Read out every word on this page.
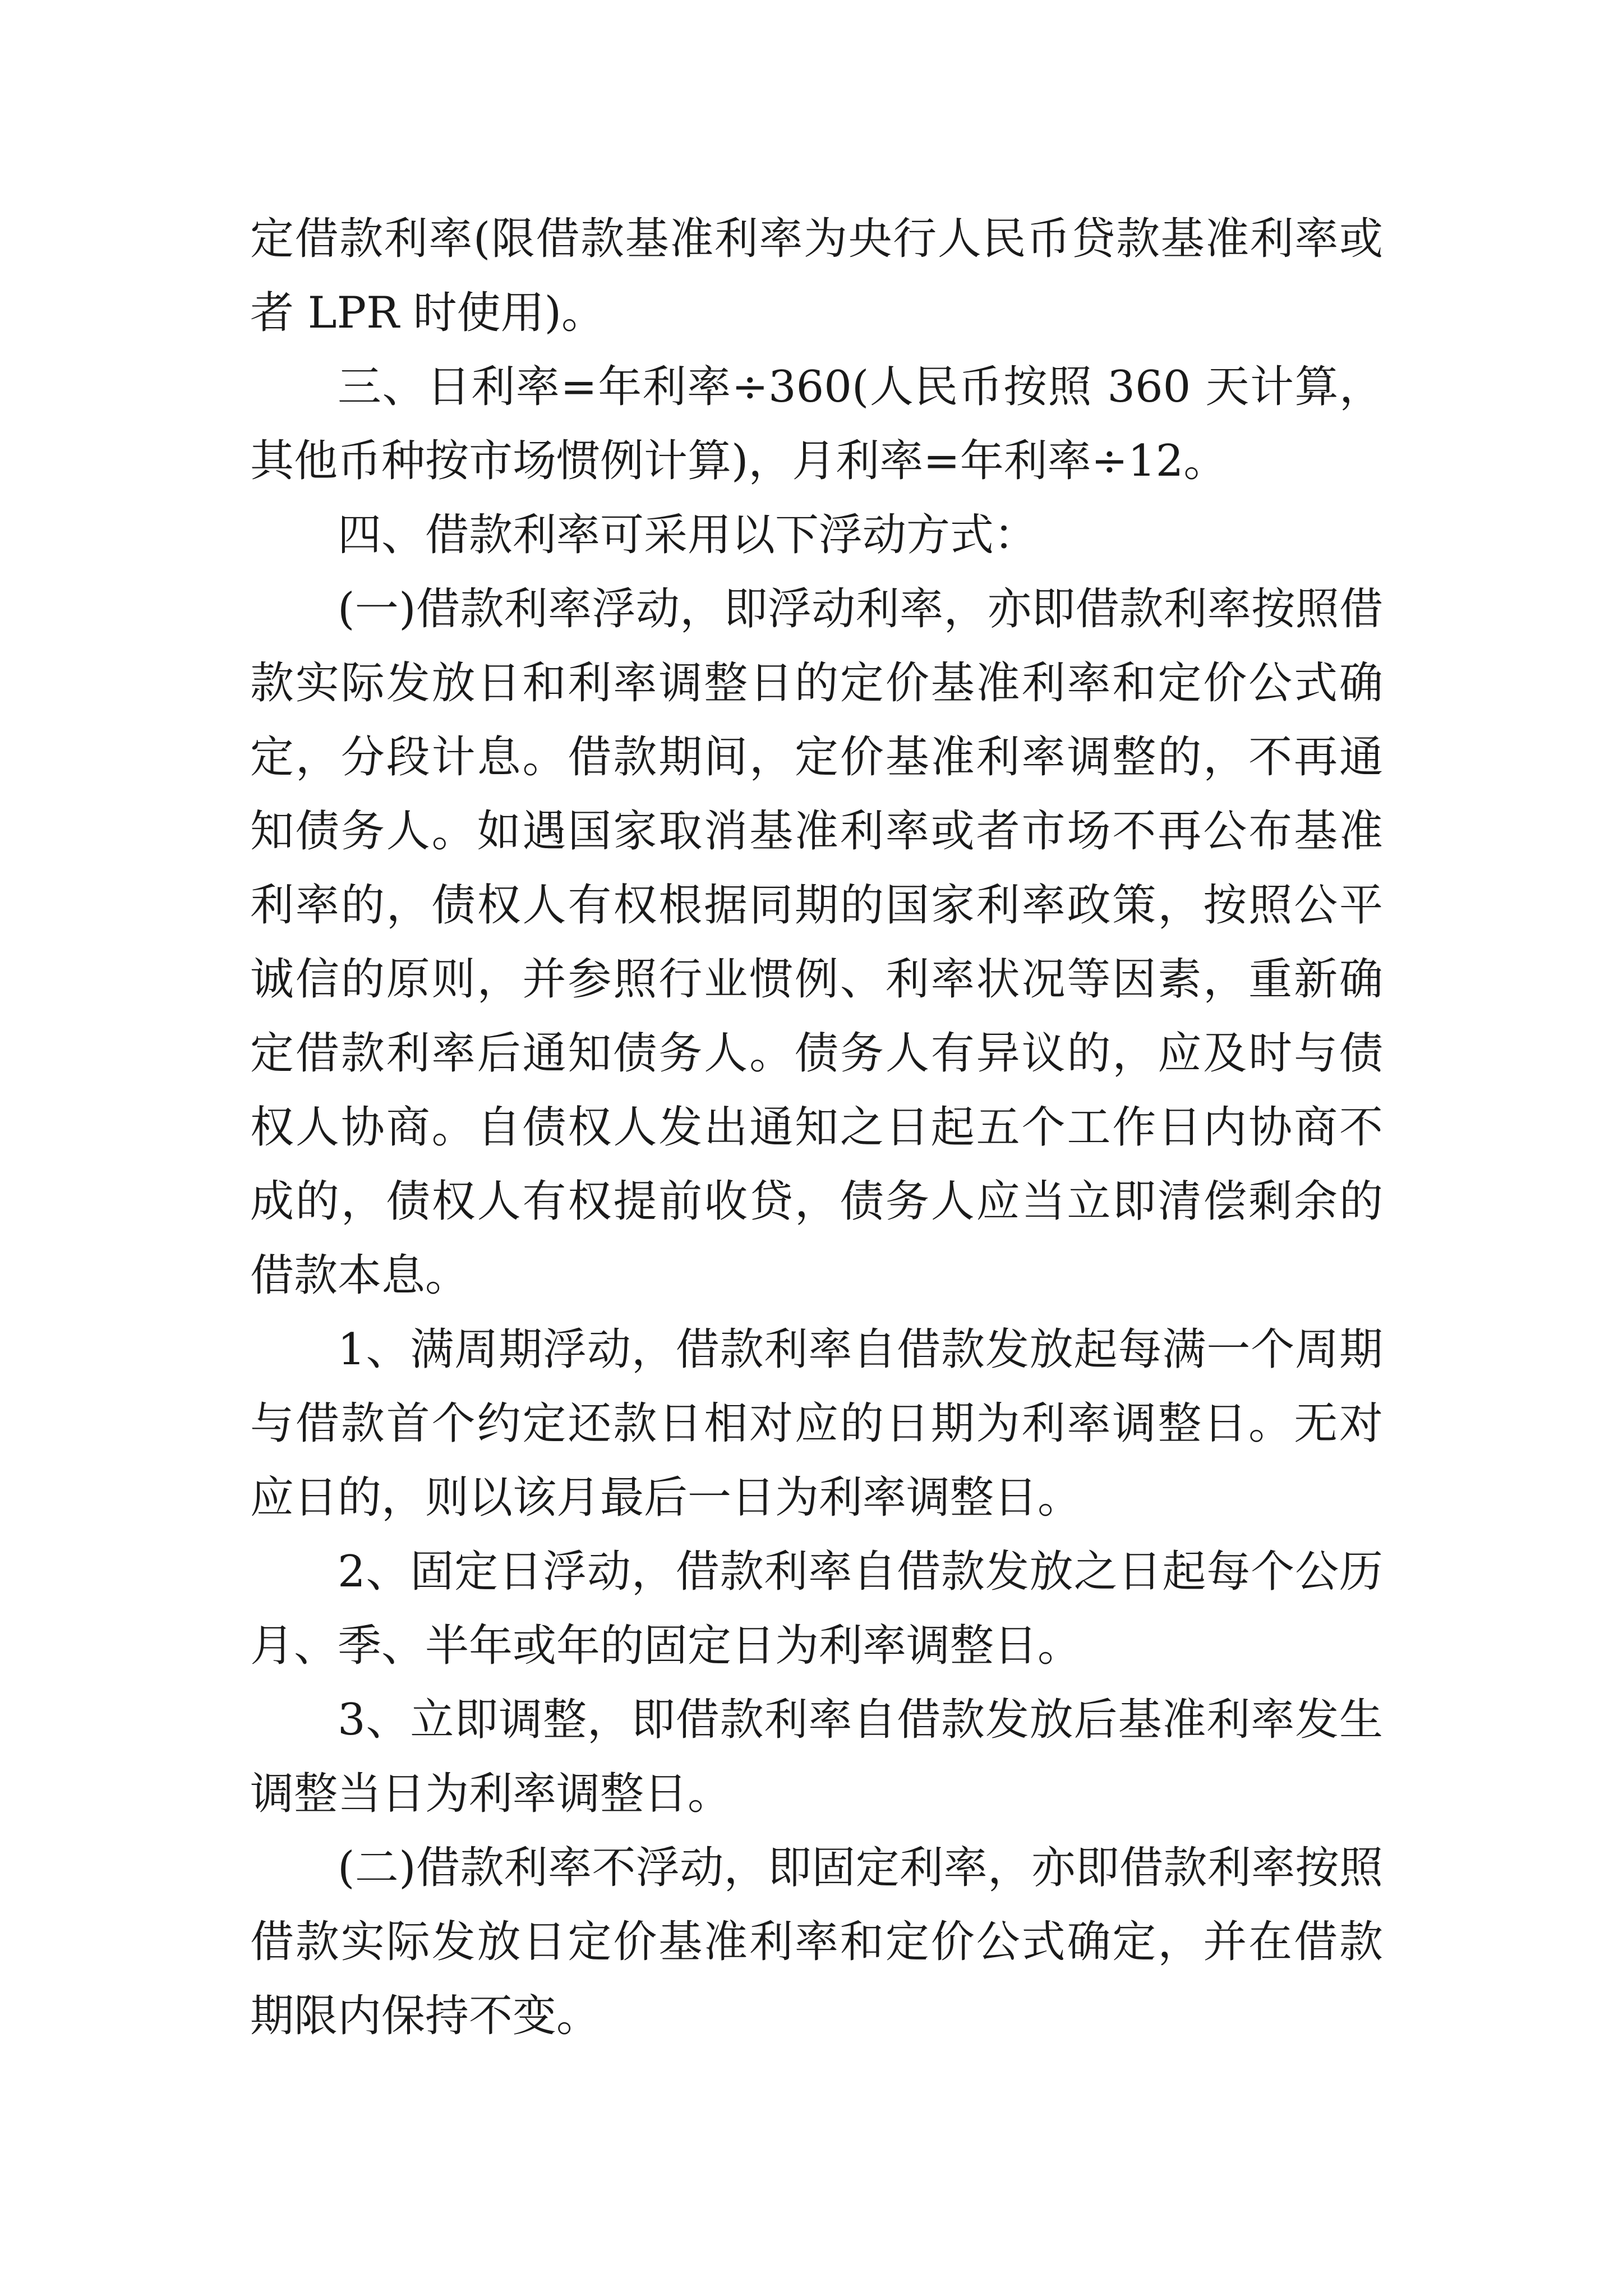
定借款利率(限借款基准利率为央行人民币贷款基准利率或者 LPR 时使用)。

三、日利率=年利率÷360(人民币按照 360 天计算，其他币种按市场惯例计算)，月利率=年利率÷12。

四、借款利率可采用以下浮动方式：

(一)借款利率浮动，即浮动利率，亦即借款利率按照借款实际发放日和利率调整日的定价基准利率和定价公式确定，分段计息。借款期间，定价基准利率调整的，不再通知债务人。如遇国家取消基准利率或者市场不再公布基准利率的，债权人有权根据同期的国家利率政策，按照公平诚信的原则，并参照行业惯例、利率状况等因素，重新确定借款利率后通知债务人。债务人有异议的，应及时与债权人协商。自债权人发出通知之日起五个工作日内协商不成的，债权人有权提前收贷，债务人应当立即清偿剩余的借款本息。

1、满周期浮动，借款利率自借款发放起每满一个周期与借款首个约定还款日相对应的日期为利率调整日。无对应日的，则以该月最后一日为利率调整日。

2、固定日浮动，借款利率自借款发放之日起每个公历月、季、半年或年的固定日为利率调整日。

3、立即调整，即借款利率自借款发放后基准利率发生调整当日为利率调整日。

(二)借款利率不浮动，即固定利率，亦即借款利率按照借款实际发放日定价基准利率和定价公式确定，并在借款期限内保持不变。
